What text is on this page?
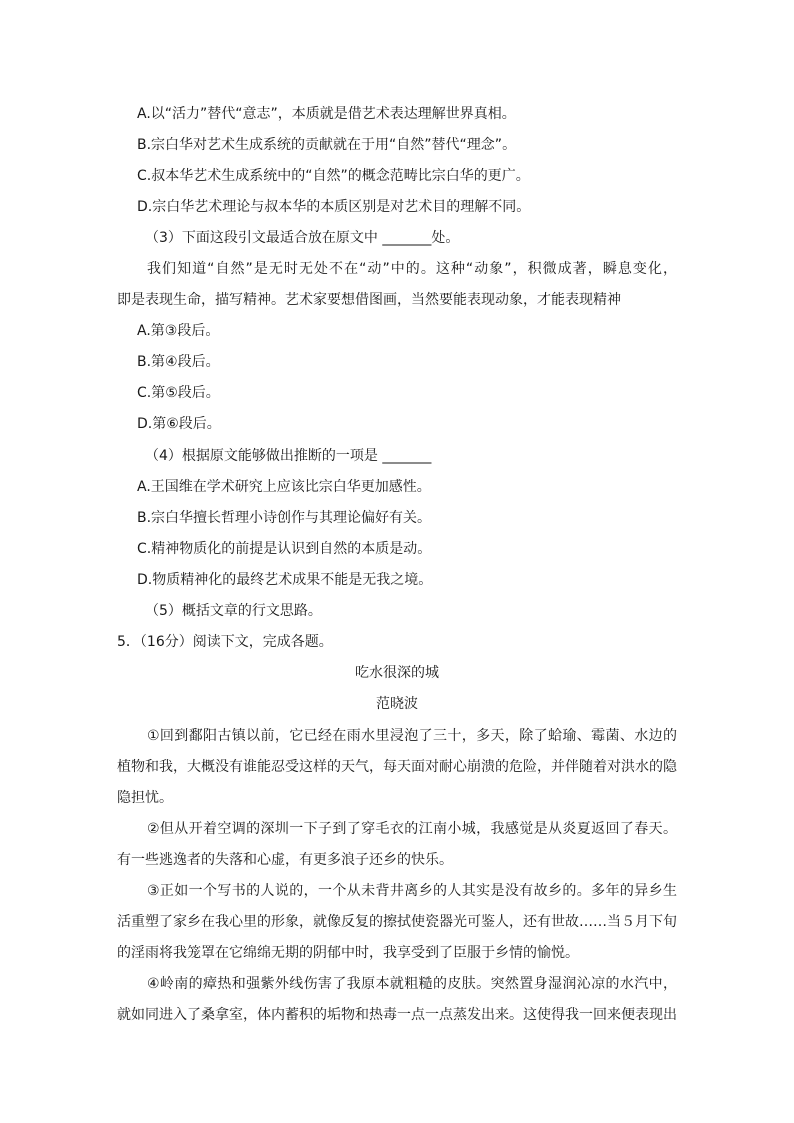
A.以“活力”替代“意志”，本质就是借艺术表达理解世界真相。
B.宗白华对艺术生成系统的贡献就在于用“自然”替代“理念”。
C.叔本华艺术生成系统中的“自然”的概念范畴比宗白华的更广。
D.宗白华艺术理论与叔本华的本质区别是对艺术目的理解不同。
（3）下面这段引文最适合放在原文中 _______处。
我们知道“自然”是无时无处不在“动”中的。这种“动象”，积微成著，瞬息变化，
即是表现生命，描写精神。艺术家要想借图画，当然要能表现动象，才能表现精神
A.第③段后。
B.第④段后。
C.第⑤段后。
D.第⑥段后。
（4）根据原文能够做出推断的一项是 _______
A.王国维在学术研究上应该比宗白华更加感性。
B.宗白华擅长哲理小诗创作与其理论偏好有关。
C.精神物质化的前提是认识到自然的本质是动。
D.物质精神化的最终艺术成果不能是无我之境。
（5）概括文章的行文思路。
5．（16分）阅读下文，完成各题。
吃水很深的城
范晓波
①回到鄱阳古镇以前，它已经在雨水里浸泡了三十，多天，除了蛤瑜、霉菌、水边的
植物和我，大概没有谁能忍受这样的天气，每天面对耐心崩溃的危险，并伴随着对洪水的隐
隐担忧。
②但从开着空调的深圳一下子到了穿毛衣的江南小城，我感觉是从炎夏返回了春天。
有一些逃逸者的失落和心虚，有更多浪子还乡的快乐。
③正如一个写书的人说的，一个从未背井离乡的人其实是没有故乡的。多年的异乡生
活重塑了家乡在我心里的形象，就像反复的擦拭使瓷器光可鉴人，还有世故……当５月下旬
的淫雨将我笼罩在它绵绵无期的阴郁中时，我享受到了臣服于乡情的愉悦。
④岭南的瘴热和强紫外线伤害了我原本就粗糙的皮肤。突然置身湿润沁凉的水汽中，
就如同进入了桑拿室，体内蓄积的垢物和热毒一点一点蒸发出来。这使得我一回来便表现出
